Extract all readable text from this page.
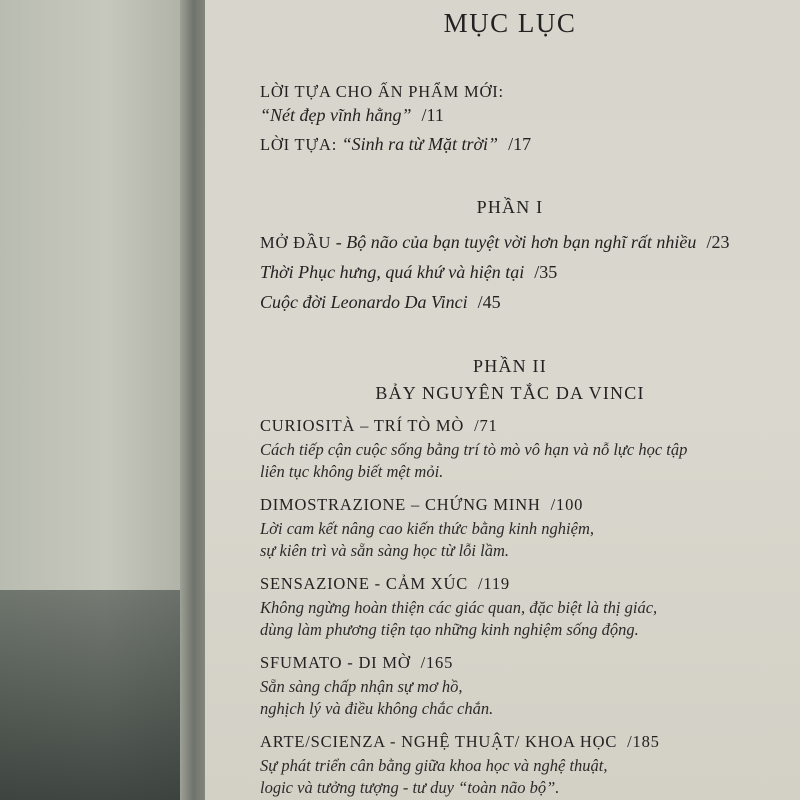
MỤC LỤC
LỜI TỰA CHO ẤN PHẨM MỚI:
“Nét đẹp vĩnh hằng” /11
LỜI TỰA: “Sinh ra từ Mặt trời” /17
PHẦN I
MỞ ĐẦU - Bộ não của bạn tuyệt vời hơn bạn nghĩ rất nhiều /23
Thời Phục hưng, quá khứ và hiện tại /35
Cuộc đời Leonardo Da Vinci /45
PHẦN II
BẢY NGUYÊN TẮC DA VINCI
CURIOSITÀ – TRÍ TÒ MÒ /71
Cách tiếp cận cuộc sống bằng trí tò mò vô hạn và nỗ lực học tập
liên tục không biết mệt mỏi.
DIMOSTRAZIONE – CHỨNG MINH /100
Lời cam kết nâng cao kiến thức bằng kinh nghiệm,
sự kiên trì và sẵn sàng học từ lỗi lầm.
SENSAZIONE - CẢM XÚC /119
Không ngừng hoàn thiện các giác quan, đặc biệt là thị giác,
dùng làm phương tiện tạo những kinh nghiệm sống động.
SFUMATO - DI MỜ /165
Sẵn sàng chấp nhận sự mơ hồ,
nghịch lý và điều không chắc chắn.
ARTE/SCIENZA - NGHỆ THUẬT/ KHOA HỌC /185
Sự phát triển cân bằng giữa khoa học và nghệ thuật,
logic và tưởng tượng - tư duy “toàn não bộ”.
